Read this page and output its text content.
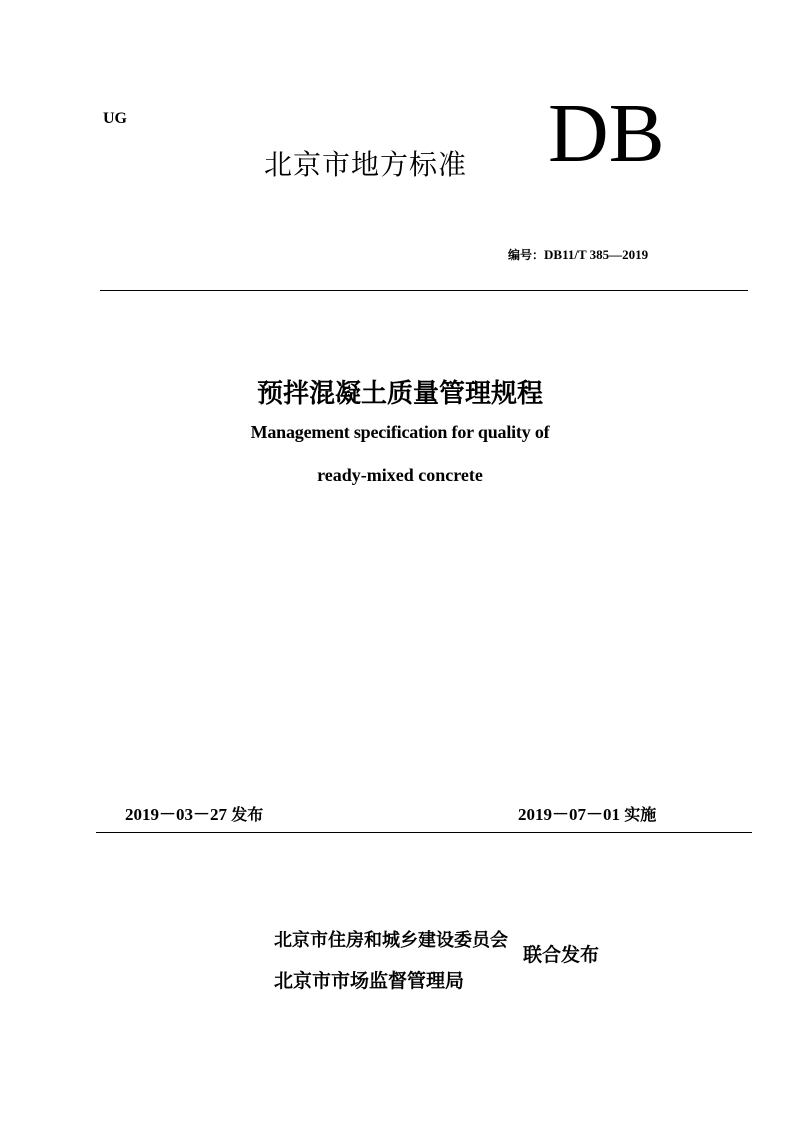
UG
北京市地方标准 DB
编号：DB11/T 385—2019
预拌混凝土质量管理规程
Management specification for quality of
ready-mixed concrete
2019－03－27 发布	2019－07－01 实施
北京市住房和城乡建设委员会
北京市市场监督管理局
联合发布
